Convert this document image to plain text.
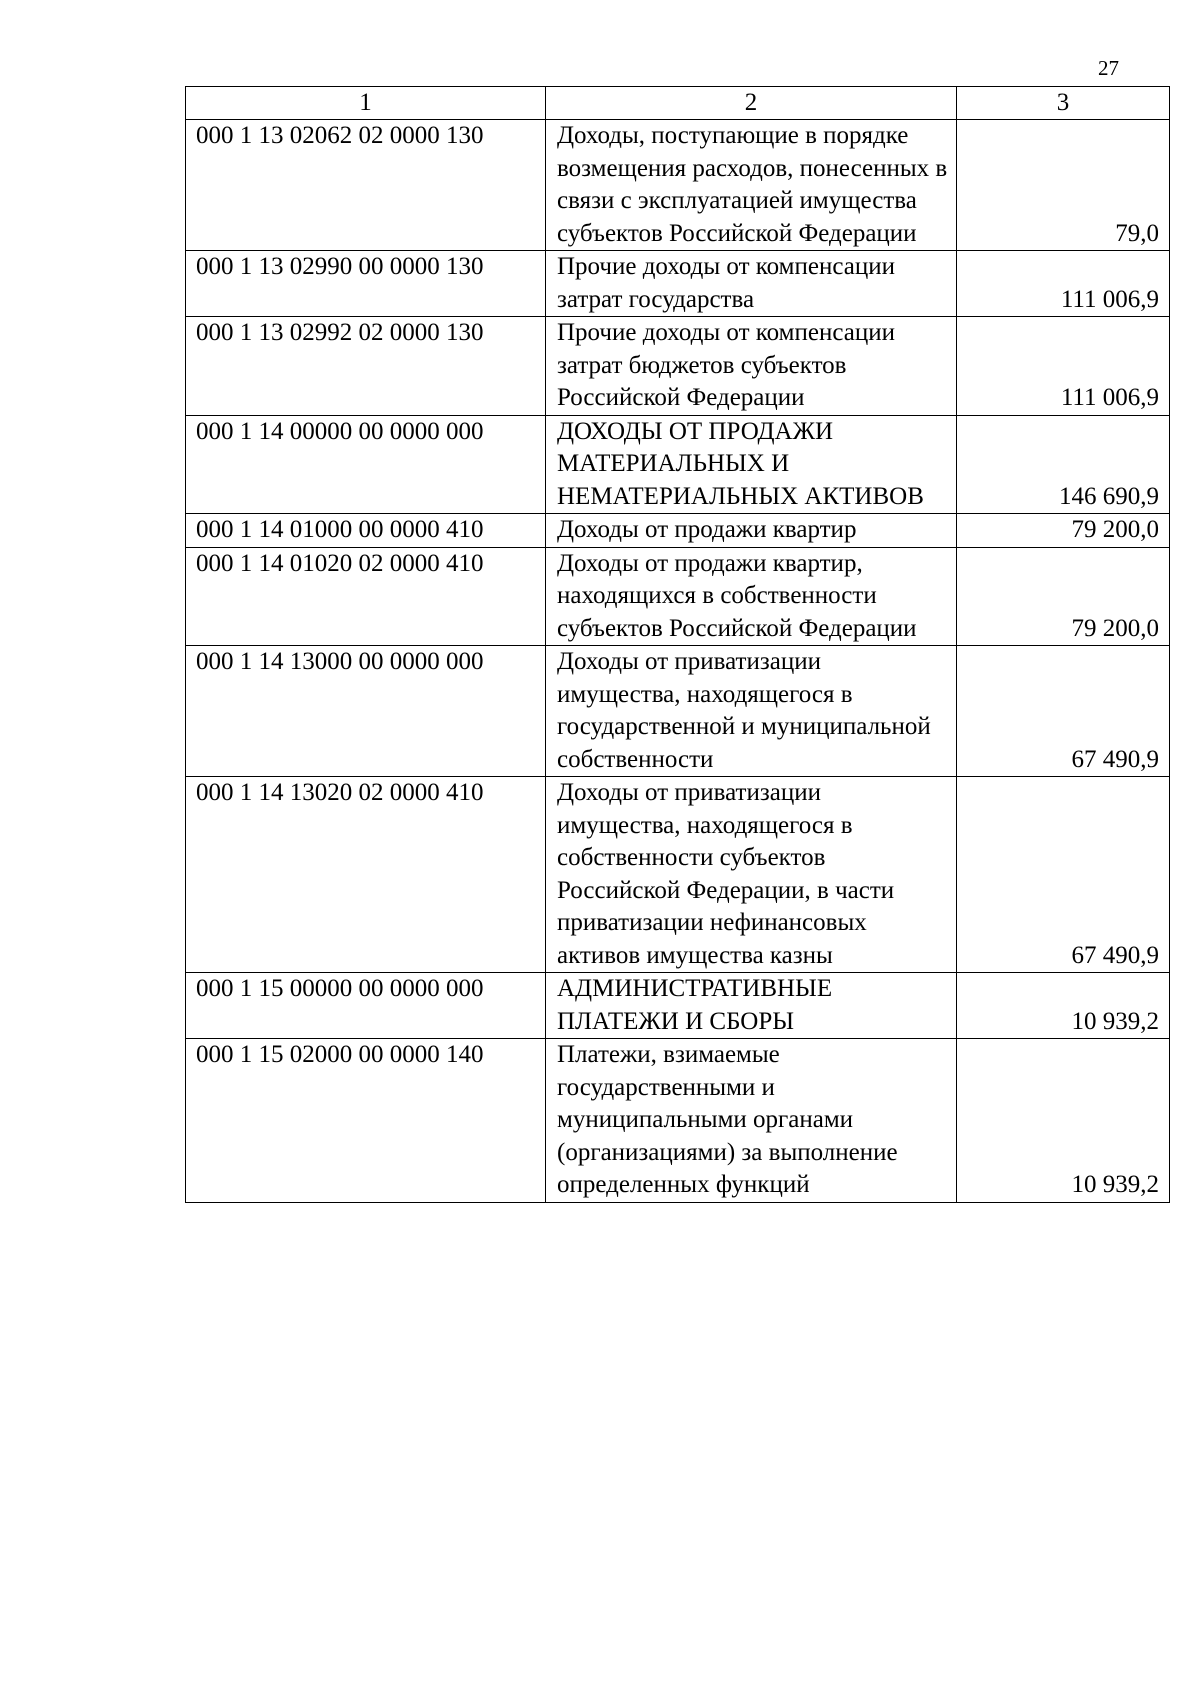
27
1	2	3
000 1 13 02062 02 0000 130	Доходы, поступающие в порядке возмещения расходов, понесенных в связи с эксплуатацией имущества субъектов Российской Федерации	79,0
000 1 13 02990 00 0000 130	Прочие доходы от компенсации затрат государства	111 006,9
000 1 13 02992 02 0000 130	Прочие доходы от компенсации затрат бюджетов субъектов Российской Федерации	111 006,9
000 1 14 00000 00 0000 000	ДОХОДЫ ОТ ПРОДАЖИ МАТЕРИАЛЬНЫХ И НЕМАТЕРИАЛЬНЫХ АКТИВОВ	146 690,9
000 1 14 01000 00 0000 410	Доходы от продажи квартир	79 200,0
000 1 14 01020 02 0000 410	Доходы от продажи квартир, находящихся в собственности субъектов Российской Федерации	79 200,0
000 1 14 13000 00 0000 000	Доходы от приватизации имущества, находящегося в государственной и муниципальной собственности	67 490,9
000 1 14 13020 02 0000 410	Доходы от приватизации имущества, находящегося в собственности субъектов Российской Федерации, в части приватизации нефинансовых активов имущества казны	67 490,9
000 1 15 00000 00 0000 000	АДМИНИСТРАТИВНЫЕ ПЛАТЕЖИ И СБОРЫ	10 939,2
000 1 15 02000 00 0000 140	Платежи, взимаемые государственными и муниципальными органами (организациями) за выполнение определенных функций	10 939,2
